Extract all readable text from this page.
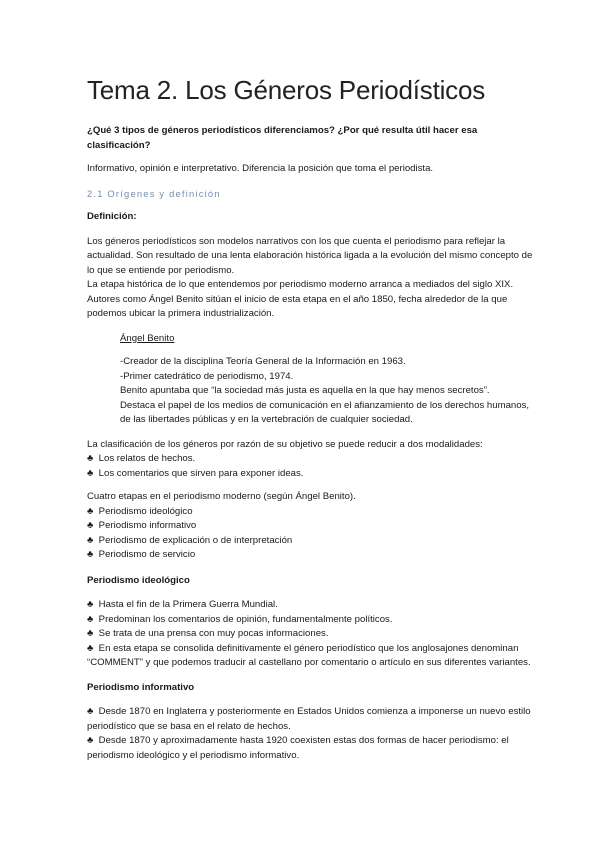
Tema 2. Los Géneros Periodísticos

¿Qué 3 tipos de géneros periodísticos diferenciamos? ¿Por qué resulta útil hacer esa clasificación?

Informativo, opinión e interpretativo. Diferencia la posición que toma el periodista.

2.1 Orígenes y definición

Definición:

Los géneros periodísticos son modelos narrativos con los que cuenta el periodismo para reflejar la actualidad. Son resultado de una lenta elaboración histórica ligada a la evolución del mismo concepto de lo que se entiende por periodismo.

La etapa histórica de lo que entendemos por periodismo moderno arranca a mediados del siglo XIX. Autores como Ángel Benito sitúan el inicio de esta etapa en el año 1850, fecha alrededor de la que podemos ubicar la primera industrialización.

Ángel Benito

-Creador de la disciplina Teoría General de la Información en 1963.

-Primer catedrático de periodismo, 1974.

Benito apuntaba que “la sociedad más justa es aquella en la que hay menos secretos”.

Destaca el papel de los medios de comunicación en el afianzamiento de los derechos humanos, de las libertades públicas y en la vertebración de cualquier sociedad.

La clasificación de los géneros por razón de su objetivo se puede reducir a dos modalidades:

♣ Los relatos de hechos.
♣ Los comentarios que sirven para exponer ideas.

Cuatro etapas en el periodismo moderno (según Ángel Benito).

♣ Periodismo ideológico
♣ Periodismo informativo
♣ Periodismo de explicación o de interpretación
♣ Periodismo de servicio

Periodismo ideológico

♣ Hasta el fin de la Primera Guerra Mundial.
♣ Predominan los comentarios de opinión, fundamentalmente políticos.
♣ Se trata de una prensa con muy pocas informaciones.
♣ En esta etapa se consolida definitivamente el género periodístico que los anglosajones denominan “COMMENT” y que podemos traducir al castellano por comentario o artículo en sus diferentes variantes.

Periodismo informativo

♣ Desde 1870 en Inglaterra y posteriormente en Estados Unidos comienza a imponerse un nuevo estilo periodístico que se basa en el relato de hechos.
♣ Desde 1870 y aproximadamente hasta 1920 coexisten estas dos formas de hacer periodismo: el periodismo ideológico y el periodismo informativo.
